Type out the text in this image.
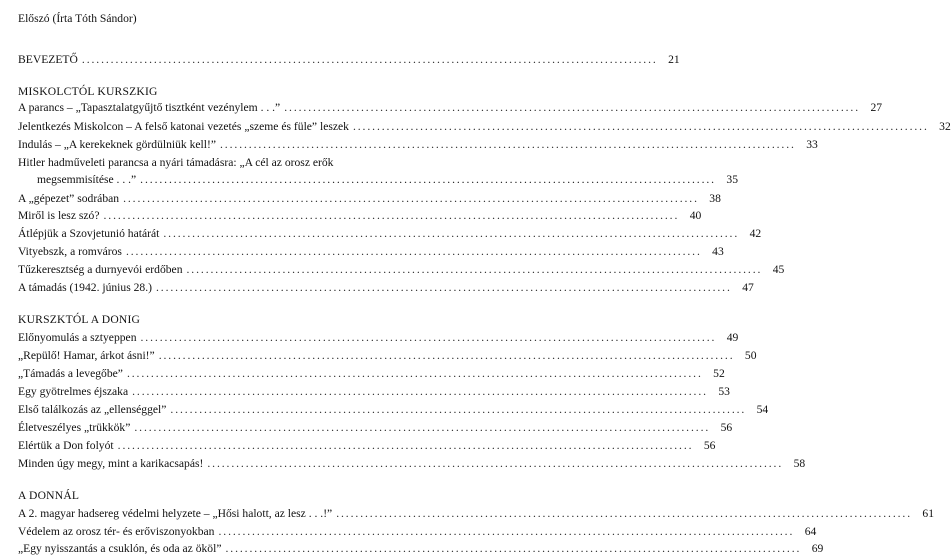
Előszó (Írta Tóth Sándor)
BEVEZETŐ ........................................................................................................................ 21
MISKOLCTÓL KURSZKIG
A parancs – „Tapasztalatgyűjtő tisztként vezénylem . . .” ........................................................................................................................ 27
Jelentkezés Miskolcon – A felső katonai vezetés „szeme és füle” leszek ........................................................................................................................ 32
Indulás – „A kerekeknek gördülniük kell!” ........................................................................................................................ 33
Hitler hadműveleti parancsa a nyári támadásra: „A cél az orosz erők
megsemmisítése . . .” ........................................................................................................................ 35
A „gépezet” sodrában ........................................................................................................................ 38
Miről is lesz szó? ........................................................................................................................ 40
Átlépjük a Szovjetunió határát ........................................................................................................................ 42
Vityebszk, a romváros ........................................................................................................................ 43
Tűzkeresztség a durnyevói erdőben ........................................................................................................................ 45
A támadás (1942. június 28.) ........................................................................................................................ 47
KURSZKTÓL A DONIG
Előnyomulás a sztyeppen ........................................................................................................................ 49
„Repülő! Hamar, árkot ásni!” ........................................................................................................................ 50
„Támadás a levegőbe” ........................................................................................................................ 52
Egy gyötrelmes éjszaka ........................................................................................................................ 53
Első találkozás az „ellenséggel” ........................................................................................................................ 54
Életveszélyes „trükkök” ........................................................................................................................ 56
Elértük a Don folyót ........................................................................................................................ 56
Minden úgy megy, mint a karikacsapás! ........................................................................................................................ 58
A DONNÁL
A 2. magyar hadsereg védelmi helyzete – „Hősi halott, az lesz . . .!” ........................................................................................................................ 61
Védelem az orosz tér- és erőviszonyokban ........................................................................................................................ 64
„Egy nyisszantás a csuklón, és oda az ököl” ........................................................................................................................ 69
